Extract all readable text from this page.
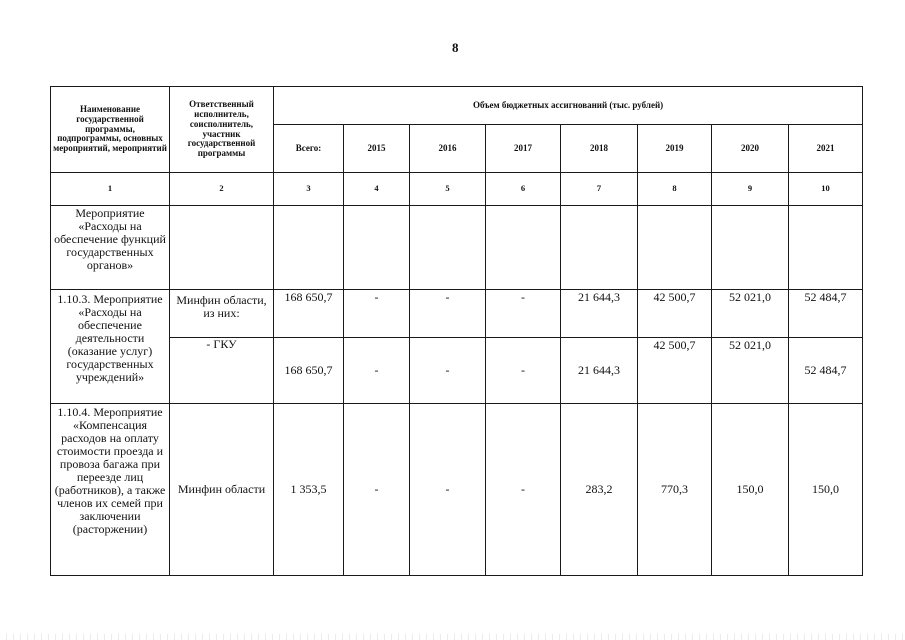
8
Наименование государственной программы, подпрограммы, основных мероприятий, мероприятий	Ответственный исполнитель, соисполнитель, участник государственной программы	Объем бюджетных ассигнований (тыс. рублей)							
		Всего:	2015	2016	2017	2018	2019	2020	2021
1	2	3	4	5	6	7	8	9	10
Мероприятие «Расходы на обеспечение функций государственных органов»									
1.10.3. Мероприятие «Расходы на обеспечение деятельности (оказание услуг) государственных учреждений»	Минфин области, из них:	168 650,7	-	-	-	21 644,3	42 500,7	52 021,0	52 484,7
	- ГКУ	168 650,7	-	-	-	21 644,3	42 500,7	52 021,0	52 484,7
1.10.4. Мероприятие «Компенсация расходов на оплату стоимости проезда и провоза багажа при переезде лиц (работников), а также членов их семей при заключении (расторжении)	Минфин области	1 353,5	-	-	-	283,2	770,3	150,0	150,0
